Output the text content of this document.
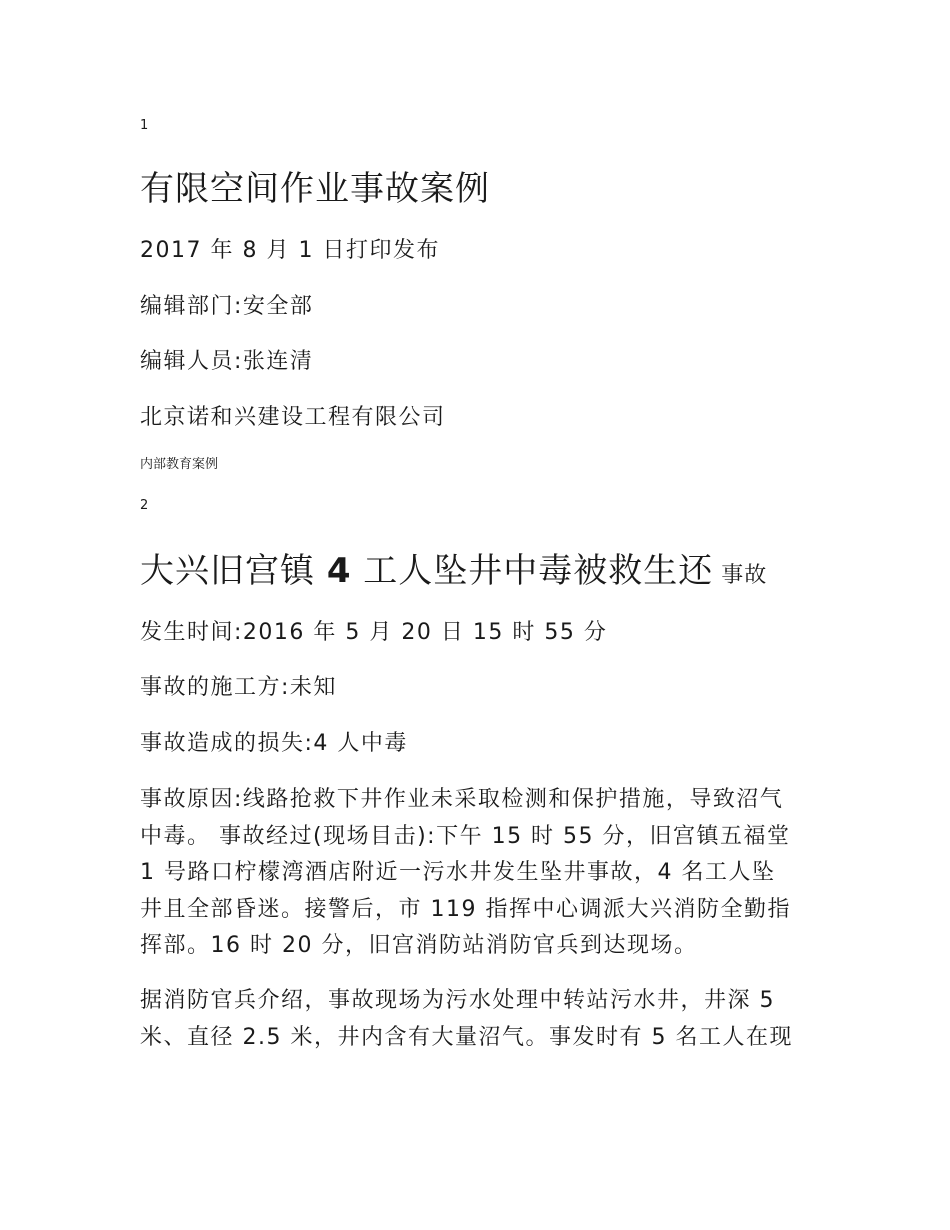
1

有限空间作业事故案例

2017 年 8 月 1 日打印发布

编辑部门:安全部

编辑人员:张连清

北京诺和兴建设工程有限公司

内部教育案例

2

大兴旧宫镇 4 工人坠井中毒被救生还 事故

发生时间:2016 年 5 月 20 日 15 时 55 分

事故的施工方:未知

事故造成的损失:4 人中毒

事故原因:线路抢救下井作业未采取检测和保护措施，导致沼气
中毒。 事故经过(现场目击):下午 15 时 55 分，旧宫镇五福堂
1 号路口柠檬湾酒店附近一污水井发生坠井事故，4 名工人坠
井且全部昏迷。接警后，市 119 指挥中心调派大兴消防全勤指
挥部。16 时 20 分，旧宫消防站消防官兵到达现场。

据消防官兵介绍，事故现场为污水处理中转站污水井，井深 5
米、直径 2.5 米，井内含有大量沼气。事发时有 5 名工人在现
